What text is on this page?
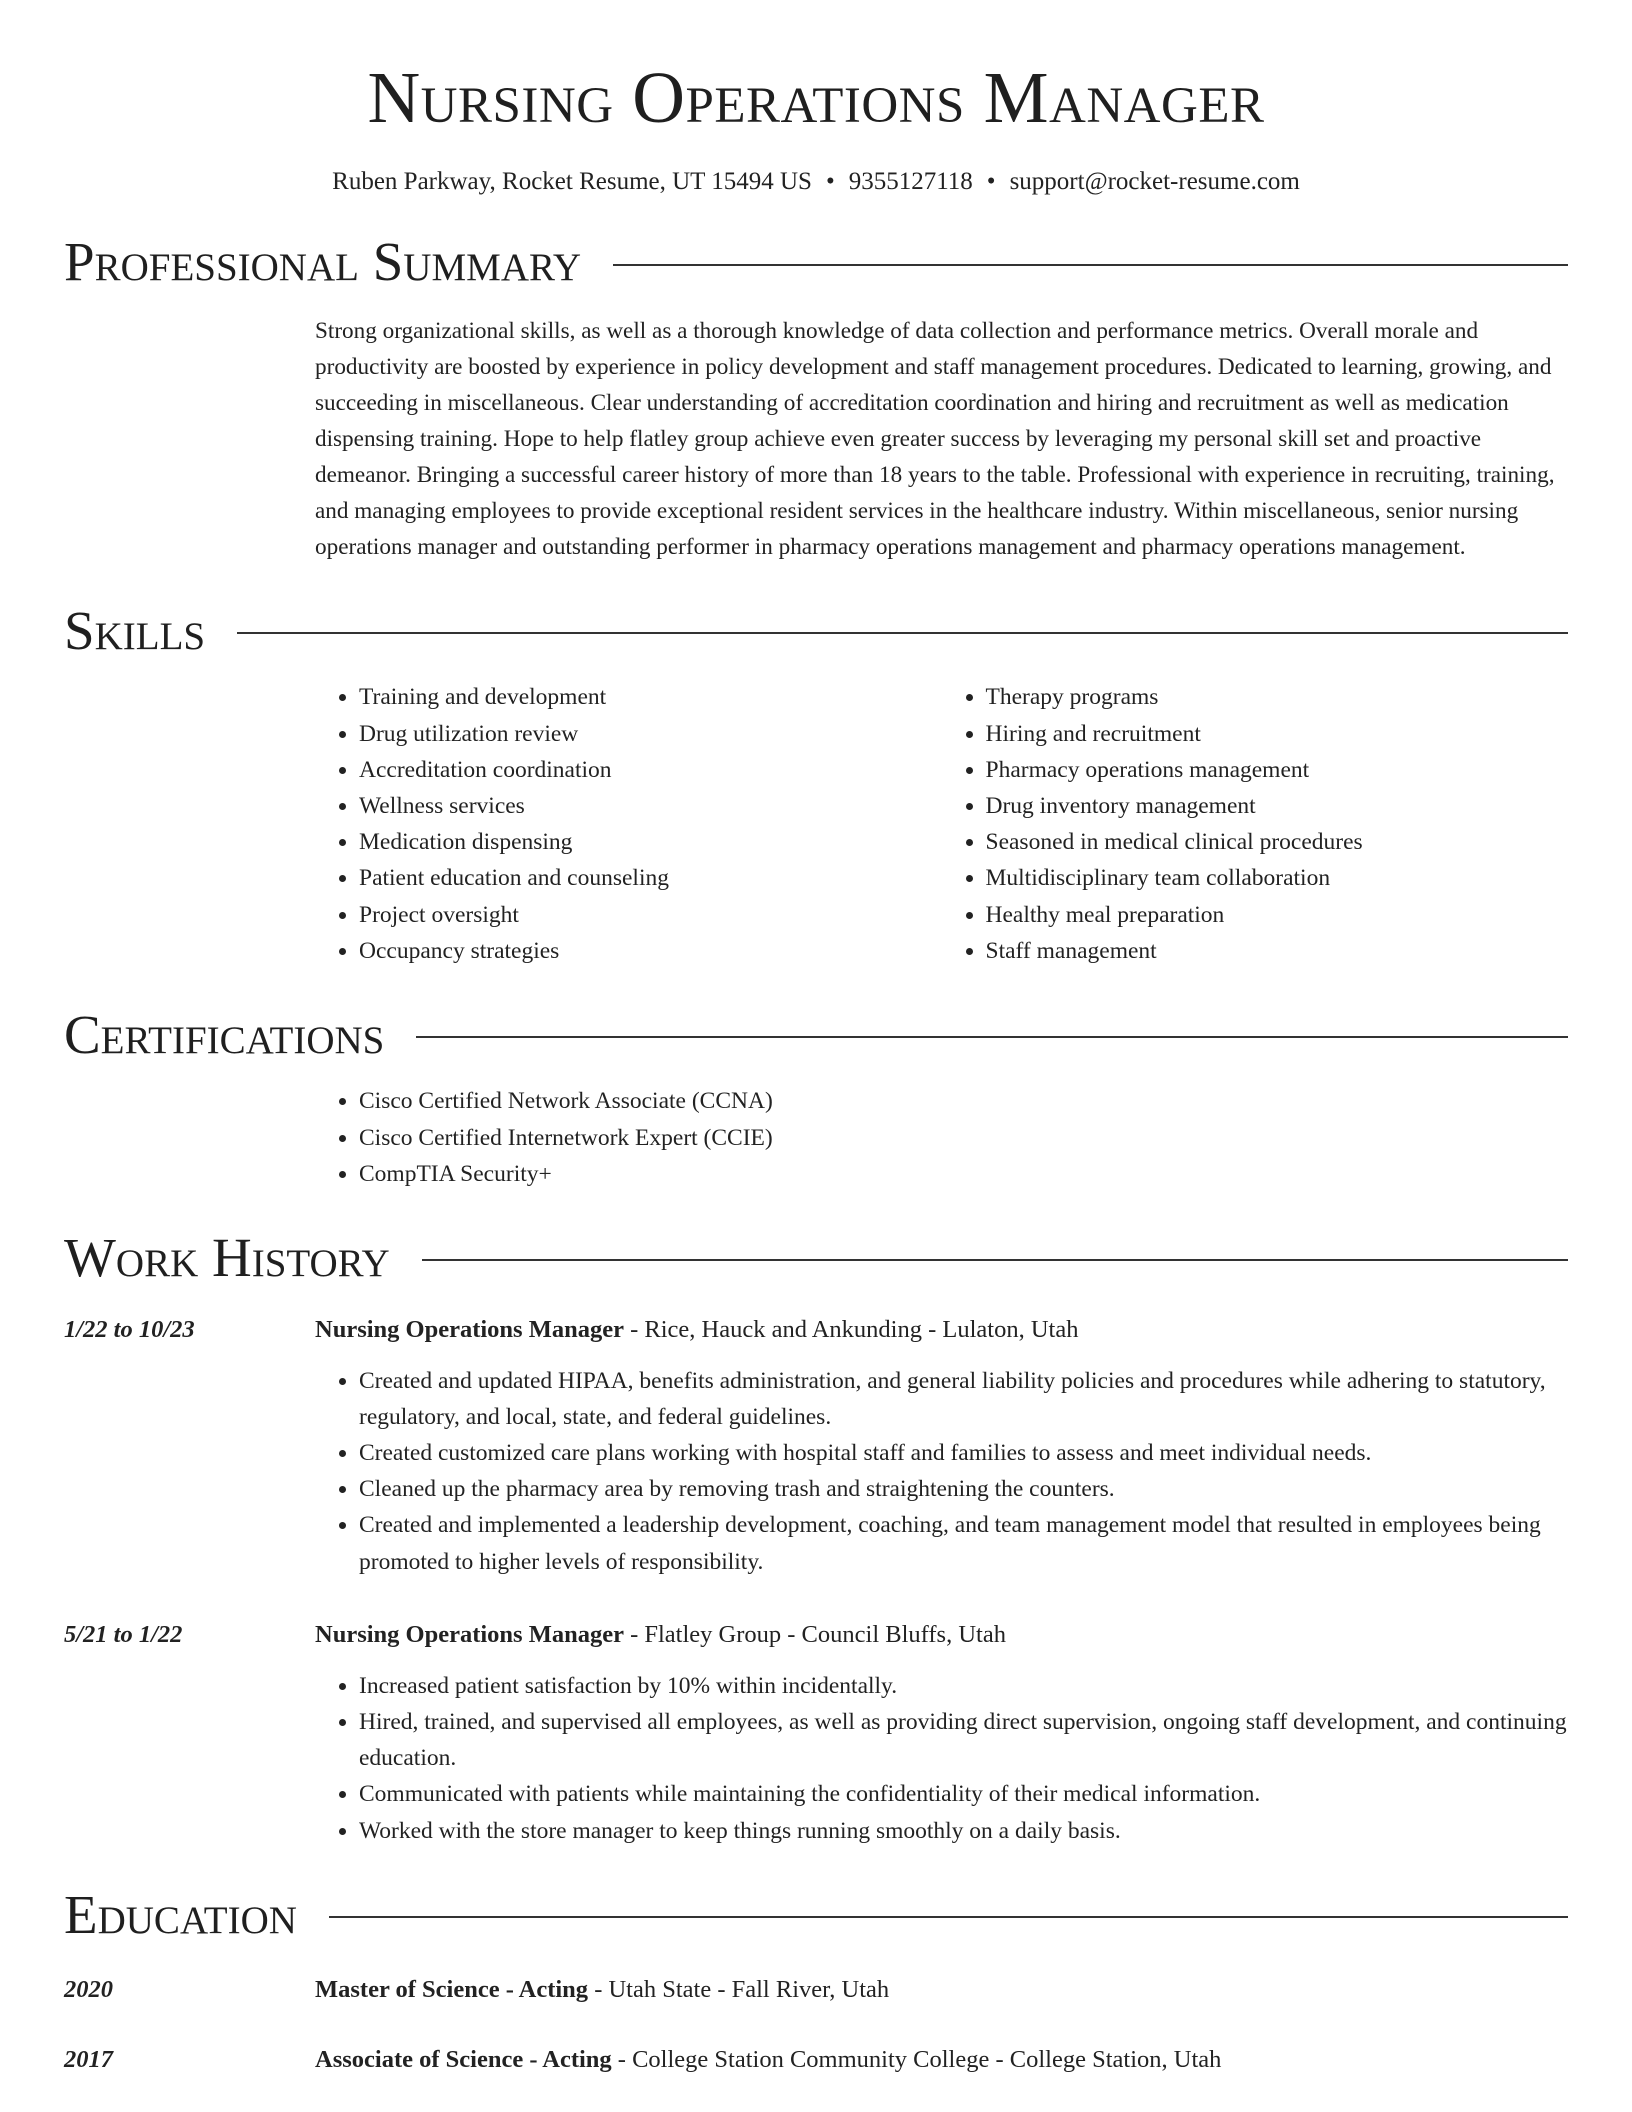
Nursing Operations Manager
Ruben Parkway, Rocket Resume, UT 15494 US • 9355127118 • support@rocket-resume.com
Professional Summary
Strong organizational skills, as well as a thorough knowledge of data collection and performance metrics. Overall morale and productivity are boosted by experience in policy development and staff management procedures. Dedicated to learning, growing, and succeeding in miscellaneous. Clear understanding of accreditation coordination and hiring and recruitment as well as medication dispensing training. Hope to help flatley group achieve even greater success by leveraging my personal skill set and proactive demeanor. Bringing a successful career history of more than 18 years to the table. Professional with experience in recruiting, training, and managing employees to provide exceptional resident services in the healthcare industry. Within miscellaneous, senior nursing operations manager and outstanding performer in pharmacy operations management and pharmacy operations management.
Skills
• Training and development
• Drug utilization review
• Accreditation coordination
• Wellness services
• Medication dispensing
• Patient education and counseling
• Project oversight
• Occupancy strategies
• Therapy programs
• Hiring and recruitment
• Pharmacy operations management
• Drug inventory management
• Seasoned in medical clinical procedures
• Multidisciplinary team collaboration
• Healthy meal preparation
• Staff management
Certifications
• Cisco Certified Network Associate (CCNA)
• Cisco Certified Internetwork Expert (CCIE)
• CompTIA Security+
Work History
1/22 to 10/23	Nursing Operations Manager - Rice, Hauck and Ankunding - Lulaton, Utah
• Created and updated HIPAA, benefits administration, and general liability policies and procedures while adhering to statutory, regulatory, and local, state, and federal guidelines.
• Created customized care plans working with hospital staff and families to assess and meet individual needs.
• Cleaned up the pharmacy area by removing trash and straightening the counters.
• Created and implemented a leadership development, coaching, and team management model that resulted in employees being promoted to higher levels of responsibility.
5/21 to 1/22	Nursing Operations Manager - Flatley Group - Council Bluffs, Utah
• Increased patient satisfaction by 10% within incidentally.
• Hired, trained, and supervised all employees, as well as providing direct supervision, ongoing staff development, and continuing education.
• Communicated with patients while maintaining the confidentiality of their medical information.
• Worked with the store manager to keep things running smoothly on a daily basis.
Education
2020	Master of Science - Acting - Utah State - Fall River, Utah
2017	Associate of Science - Acting - College Station Community College - College Station, Utah
